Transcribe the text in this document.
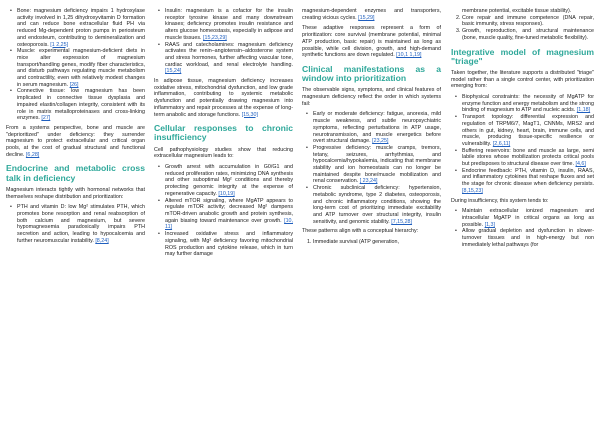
• Bone: magnesium deficiency impairs 1 hydroxylase activity involved in 1,25 dihydroxyvitamin D formation and can reduce bone extracellular fluid PH via reduced Mg-dependent proton pumps in periosteum and endosteum, contributing to demineralization and osteoporosis. [1 2,25]
• Muscle: experimental magnesium-deficient diets in mice alter expression of magnesium transport/handling genes, modify fiber characteristics, and disturb pathways regulating muscle metabolism and contractility, even with relatively modest changes in serum magnesium. [26]
• Connective tissue: low magnesium has been implicated in connective tissue dysplasia and impaired elastin/collagen integrity, consistent with its role in matrix metalloproteinases and cross-linking enzymes. [27]

From a systems perspective, bone and muscle are "deprioritized" under deficiency: they surrender magnesium to protect extracellular and critical organ pools, at the cost of gradual structural and functional decline. [6,28]

Endocrine and metabolic cross talk in deficiency

Magnesium interacts tightly with hormonal networks that themselves reshape distribution and prioritization:

• PTH and vitamin D: low Mg² stimulates PTH, which promotes bone resorption and renal reabsorption of both calcium and magnesium, but severe hypomagnesemia paradoxically impairs PTH secretion and action, leading to hypocalcemia and further neuromuscular instability. [8,24]
• Insulin: magnesium is a cofactor for the insulin receptor tyrosine kinase and many downstream kinases; deficiency promotes insulin resistance and alters glucose homeostasis, especially in adipose and muscle tissues. [15,23,29]
• RAAS and catecholamines: magnesium deficiency activates the renin–angiotensin–aldosterone system and stress hormones, further affecting vascular tone, cardiac workload, and renal electrolyte handling. [15,24]

In adipose tissue, magnesium deficiency increases oxidative stress, mitochondrial dysfunction, and low grade inflammation, contributing to systemic metabolic dysfunction and potentially drawing magnesium into inflammatory and repair processes at the expense of long-term anabolic and storage functions. [15,30]

Cellular responses to chronic insufficiency

Cell pathophysiology studies show that reducing extracellular magnesium leads to:

• Growth arrest with accumulation in G0/G1 and reduced proliferation rates, minimizing DNA synthesis and other suboptimal Mg² conditions and thereby protecting genomic integrity at the expense of regenerative capacity. [10,19]
• Altered mTOR signaling, where MgATP appears to regulate mTOR activity; decreased Mg² dampens mTOR-driven anabolic growth and protein synthesis, again biasing toward maintenance over growth. [10, 11]
• Increased oxidative stress and inflammatory signaling, with Mg² deficiency favoring mitochondrial ROS production and cytokine release, which in turn may further damage

magnesium-dependent enzymes and transporters, creating vicious cycles. [15,29]

These adaptive responses represent a form of prioritization: core survival (membrane potential, minimal ATP production, basic repair) is maintained as long as possible, while cell division, growth, and high-demand synthetic functions are down regulated. [10,1 1,19]

Clinical manifestations as a window into prioritization

The observable signs, symptoms, and clinical features of magnesium deficiency reflect the order in which systems fail:

• Early or moderate deficiency: fatigue, anorexia, mild muscle weakness, and subtle neuropsychiatric symptoms, reflecting perturbations in ATP usage, neurotransmission, and muscle energetics before overt structural damage. [23,25]
• Progressive deficiency: muscle cramps, tremors, tetany, seizures, arrhythmias, and hypocalcemia/hypokalemia, indicating that membrane stability and ion homeostasis can no longer be maintained despite bone/muscle mobilization and renal conservation. [ 23,24]
• Chronic subclinical deficiency: hypertension, metabolic syndrome, type 2 diabetes, osteoporosis, and chronic inflammatory conditions, showing the long-term cost of prioritizing immediate excitability and ATP turnover over structural integrity, insulin sensitivity, and genomic stability. [7,15,28]

These patterns align with a conceptual hierarchy:

1. Immediate survival (ATP generation,

membrane potential, excitable tissue stability).

2. Core repair and immune competence (DNA repair, basic immunity, stress responses).
3. Growth, reproduction, and structural maintenance (bone, muscle quality, fine-tuned metabolic flexibility).
Integrative model of magnesium "triage"

Taken together, the literature supports a distributed "triage" model rather than a single control center, with prioritization emerging from:

• Biophysical constraints: the necessity of MgATP for enzyme function and energy metabolism and the strong binding of magnesium to ATP and nucleic acids. [1,18]
• Transport topology: differential expression and regulation of TRPM6/7, MagT1, CNNMs, MRS2 and others in gut, kidney, heart, brain, immune cells, and muscle, producing tissue-specific resilience or vulnerability. [2,6,11]
• Buffering reservoirs: bone and muscle as large, semi labile stores whose mobilization protects critical pools but predisposes to structural disease over time. [4,6]
• Endocrine feedback: PTH, vitamin D, insulin, RAAS, and inflammatory cytokines that reshape fluxes and set the stage for chronic disease when deficiency persists. [8,15,23]

During insufficiency, this system tends to:

• Maintain extracellular ionized magnesium and intracellular MgATP in critical organs as long as possible. [1,3]
• Allow gradual depletion and dysfunction in slower-turnover tissues and in high-energy but non immediately lethal pathways (for
